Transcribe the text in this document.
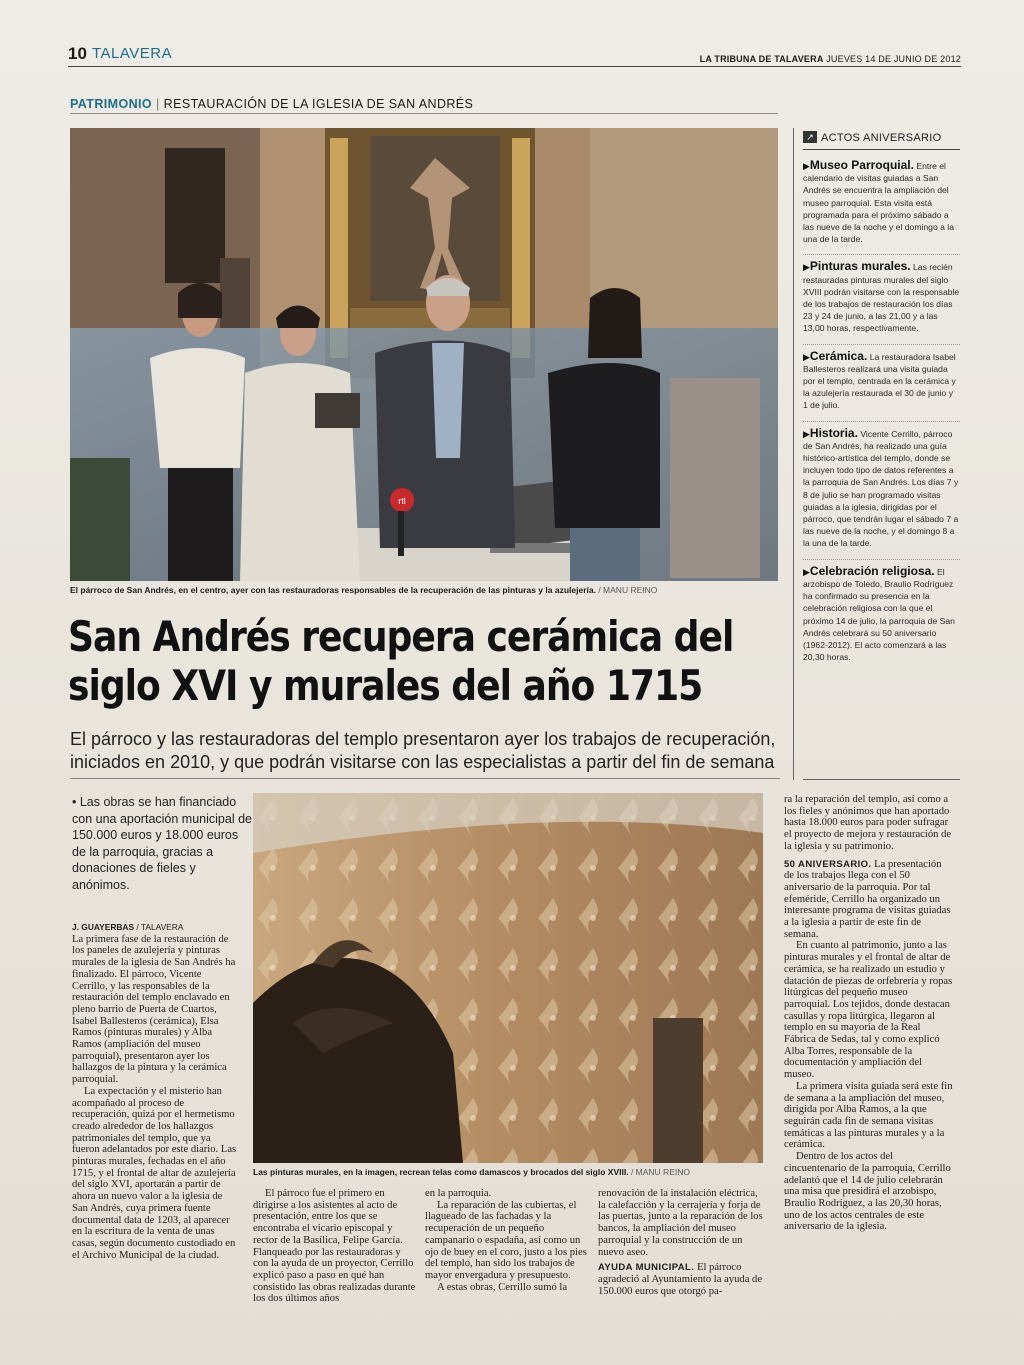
10 TALAVERA	LA TRIBUNA DE TALAVERA JUEVES 14 DE JUNIO DE 2012
PATRIMONIO | RESTAURACIÓN DE LA IGLESIA DE SAN ANDRÉS
rtl
El párroco de San Andrés, en el centro, ayer con las restauradoras responsables de la recuperación de las pinturas y la azulejería. / MANU REINO
San Andrés recupera cerámica del
siglo XVI y murales del año 1715
El párroco y las restauradoras del templo presentaron ayer los trabajos de recuperación,
iniciados en 2010, y que podrán visitarse con las especialistas a partir del fin de semana
↗ ACTOS ANIVERSARIO
▶Museo Parroquial. Entre el calendario de visitas guiadas a San Andrés se encuentra la ampliación del museo parroquial. Esta visita está programada para el próximo sábado a las nueve de la noche y el domingo a la una de la tarde.
▶Pinturas murales. Las recién restauradas pinturas murales del siglo XVIII podrán visitarse con la responsable de los trabajos de restauración los días 23 y 24 de junio, a las 21,00 y a las 13,00 horas, respectivamente.
▶Cerámica. La restauradora Isabel Ballesteros realizará una visita guiada por el templo, centrada en la cerámica y la azulejería restaurada el 30 de junio y 1 de julio.
▶Historia. Vicente Cerrillo, párroco de San Andrés, ha realizado una guía histórico-artística del templo, donde se incluyen todo tipo de datos referentes a la parroquia de San Andrés. Los días 7 y 8 de julio se han programado visitas guiadas a la iglesia, dirigidas por el párroco, que tendrán lugar el sábado 7 a las nueve de la noche, y el domingo 8 a la una de la tarde.
▶Celebración religiosa. El arzobispo de Toledo, Braulio Rodríguez ha confirmado su presencia en la celebración religiosa con la que el próximo 14 de julio, la parroquia de San Andrés celebrará su 50 aniversario (1962-2012). El acto comenzará a las 20,30 horas.
• Las obras se han financiado con una aportación municipal de 150.000 euros y 18.000 euros de la parroquia, gracias a donaciones de fieles y anónimos.
J. GUAYERBAS / TALAVERA

La primera fase de la restauración de los paneles de azulejería y pinturas murales de la iglesia de San Andrés ha finalizado. El párroco, Vicente Cerrillo, y las responsables de la restauración del templo enclavado en pleno barrio de Puerta de Cuartos, Isabel Ballesteros (cerámica), Elsa Ramos (pinturas murales) y Alba Ramos (ampliación del museo parroquial), presentaron ayer los hallazgos de la pintura y la cerámica parroquial.

La expectación y el misterio han acompañado al proceso de recuperación, quizá por el hermetismo creado alrededor de los hallazgos patrimoniales del templo, que ya fueron adelantados por este diario. Las pinturas murales, fechadas en el año 1715, y el frontal de altar de azulejería del siglo XVI, aportarán a partir de ahora un nuevo valor a la iglesia de San Andrés, cuya primera fuente documental data de 1203, al aparecer en la escritura de la venta de unas casas, según documento custodiado en el Archivo Municipal de la ciudad.

Las pinturas murales, en la imagen, recrean telas como damascos y brocados del siglo XVIII. / MANU REINO

El párroco fue el primero en dirigirse a los asistentes al acto de presentación, entre los que se encontraba el vicario episcopal y rector de la Basílica, Felipe García. Flanqueado por las restauradoras y con la ayuda de un proyector, Cerrillo explicó paso a paso en qué han consistido las obras realizadas durante los dos últimos años

en la parroquia.

La reparación de las cubiertas, el llagueado de las fachadas y la recuperación de un pequeño campanario o espadaña, así como un ojo de buey en el coro, justo a los pies del templo, han sido los trabajos de mayor envergadura y presupuesto.

A estas obras, Cerrillo sumó la

renovación de la instalación eléctrica, la calefacción y la cerrajería y forja de las puertas, junto a la reparación de los bancos, la ampliación del museo parroquial y la construcción de un nuevo aseo.

AYUDA MUNICIPAL. El párroco agradeció al Ayuntamiento la ayuda de 150.000 euros que otorgó pa-

ra la reparación del templo, así como a los fieles y anónimos que han aportado hasta 18.000 euros para poder sufragar el proyecto de mejora y restauración de la iglesia y su patrimonio.

50 ANIVERSARIO. La presentación de los trabajos llega con el 50 aniversario de la parroquia. Por tal efeméride, Cerrillo ha organizado un interesante programa de visitas guiadas a la iglesia a partir de este fin de semana.

En cuanto al patrimonio, junto a las pinturas murales y el frontal de altar de cerámica, se ha realizado un estudio y datación de piezas de orfebrería y ropas litúrgicas del pequeño museo parroquial. Los tejidos, donde destacan casullas y ropa litúrgica, llegaron al templo en su mayoría de la Real Fábrica de Sedas, tal y como explicó Alba Torres, responsable de la documentación y ampliación del museo.

La primera visita guiada será este fin de semana a la ampliación del museo, dirigida por Alba Ramos, a la que seguirán cada fin de semana visitas temáticas a las pinturas murales y a la cerámica.

Dentro de los actos del cincuentenario de la parroquia, Cerrillo adelantó que el 14 de julio celebrarán una misa que presidirá el arzobispo, Braulio Rodríguez, a las 20,30 horas, uno de los actos centrales de este aniversario de la iglesia.
